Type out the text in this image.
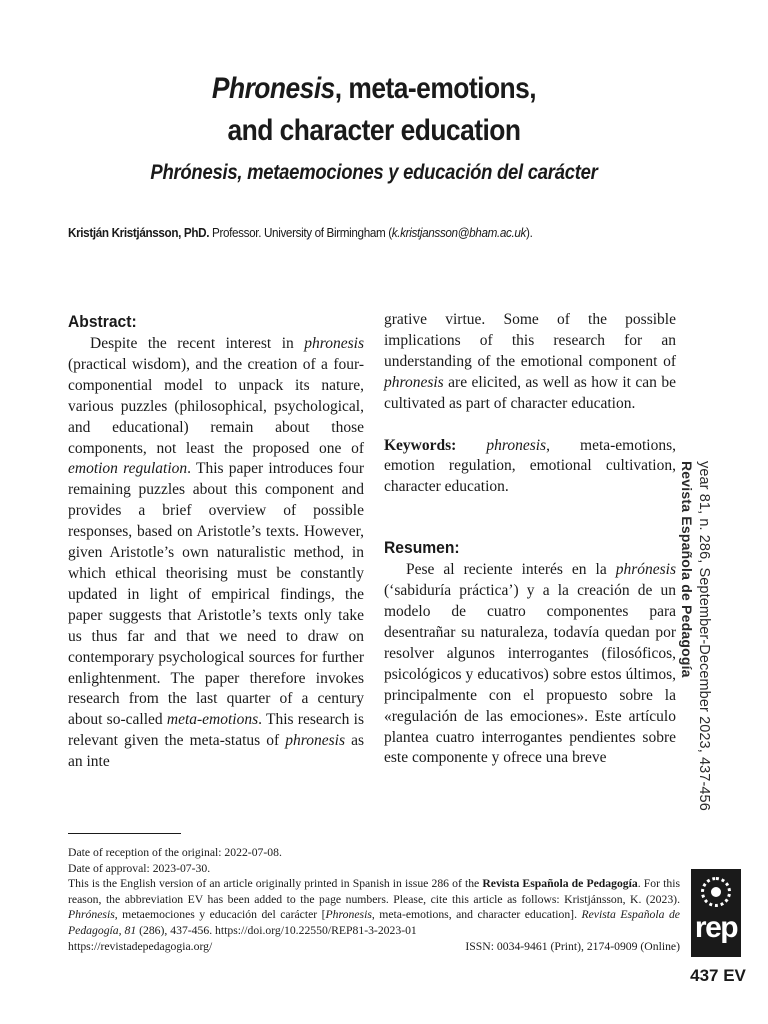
Phronesis, meta-emotions,
and character education
Phrónesis, metaemociones y educación del carácter
Kristján Kristjánsson, PhD. Professor. University of Birmingham (k.kristjansson@bham.ac.uk).
Abstract:

Despite the recent interest in phronesis (practical wisdom), and the creation of a four-componential model to unpack its nature, various puzzles (philosophical, psychological, and educational) remain about those components, not least the proposed one of emotion regulation. This paper introduces four remaining puzzles about this component and provides a brief overview of possible responses, based on Aristotle’s texts. However, given Aristotle’s own naturalistic method, in which ethical theorising must be constantly updated in light of empirical findings, the paper suggests that Aristotle’s texts only take us thus far and that we need to draw on contemporary psychological sources for further enlightenment. The paper therefore invokes research from the last quarter of a century about so-called meta-emotions. This research is relevant given the meta-status of phronesis as an inte

grative virtue. Some of the possible implications of this research for an understanding of the emotional component of phronesis are elicited, as well as how it can be cultivated as part of character education.

Keywords: phronesis, meta-emotions, emotion regulation, emotional cultivation, character education.

Resumen:

Pese al reciente interés en la phrónesis (‘sabiduría práctica’) y a la creación de un modelo de cuatro componentes para desentrañar su naturaleza, todavía quedan por resolver algunos interrogantes (filosóficos, psicológicos y educativos) sobre estos últimos, principalmente con el propuesto sobre la «regulación de las emociones». Este artículo plantea cuatro interrogantes pendientes sobre este componente y ofrece una breve

Date of reception of the original: 2022-07-08.

Date of approval: 2023-07-30.

This is the English version of an article originally printed in Spanish in issue 286 of the Revista Española de Pedagogía. For this reason, the abbreviation EV has been added to the page numbers. Please, cite this article as follows: Kristjánsson, K. (2023). Phrónesis, metaemociones y educación del carácter [Phronesis, meta-emotions, and character education]. Revista Española de Pedagogía, 81 (286), 437-456. https://doi.org/10.22550/REP81-3-2023-01

https://revistadepedagogia.org/	ISSN: 0034-9461 (Print), 2174-0909 (Online)
year 81, n. 286, September-December 2023, 437-456
Revista Española de Pedagogía
rep
437 EV
